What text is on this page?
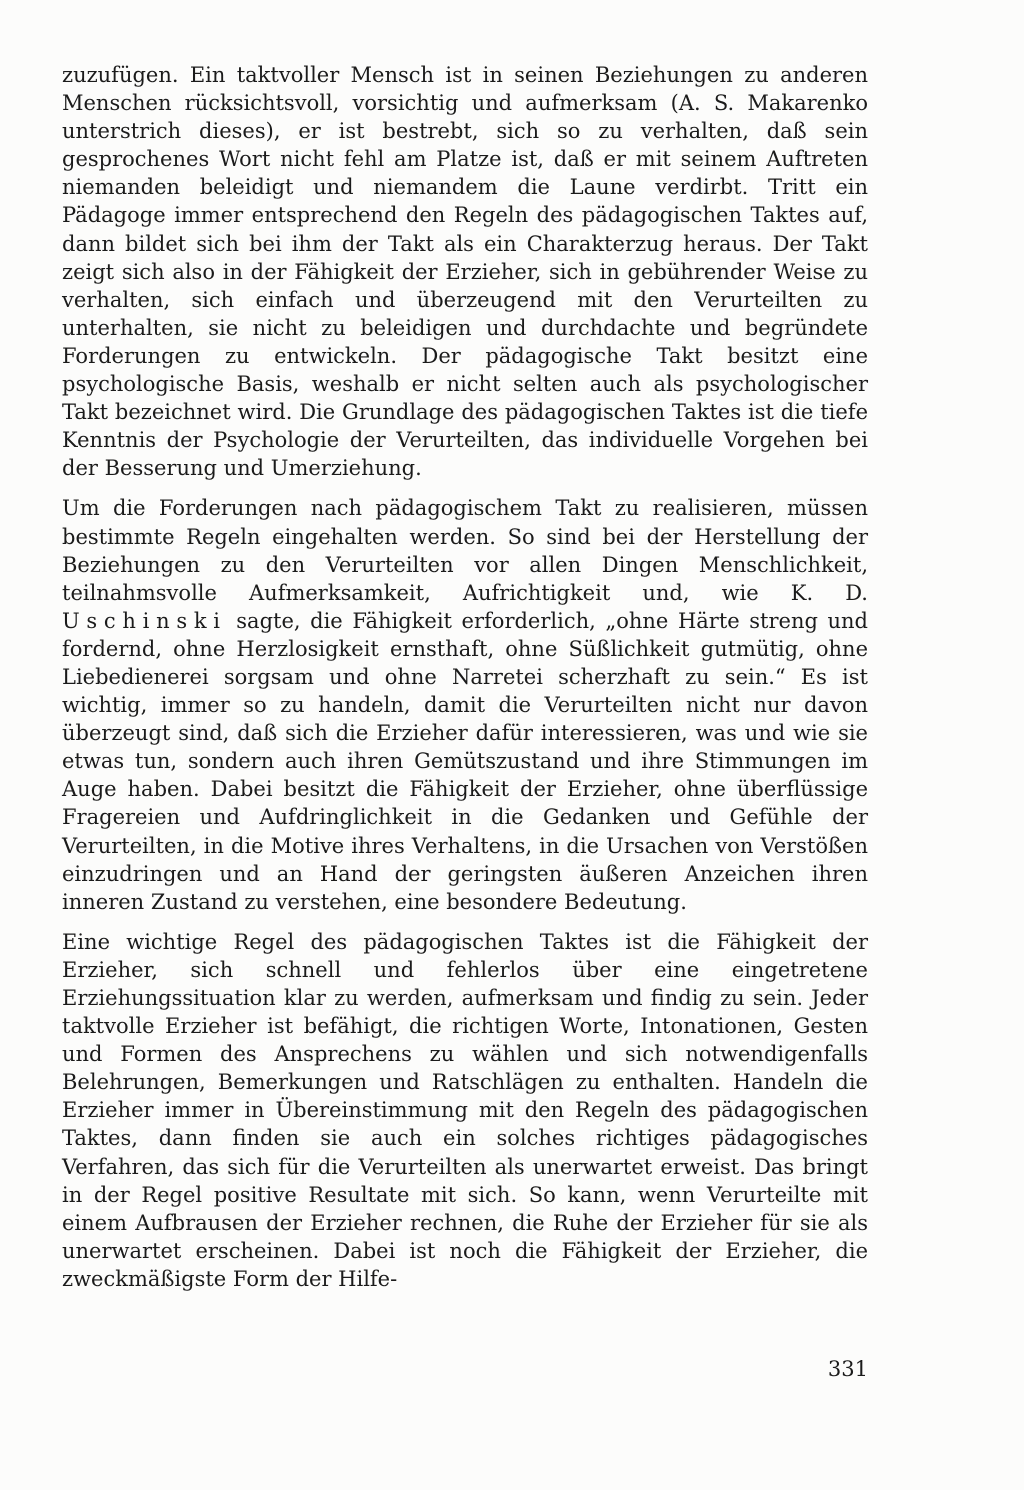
zuzufügen. Ein taktvoller Mensch ist in seinen Beziehungen zu anderen Menschen rücksichtsvoll, vorsichtig und aufmerksam (A. S. Makarenko unterstrich dieses), er ist bestrebt, sich so zu verhalten, daß sein gesprochenes Wort nicht fehl am Platze ist, daß er mit seinem Auftreten niemanden beleidigt und niemandem die Laune verdirbt. Tritt ein Pädagoge immer entsprechend den Regeln des pädagogischen Taktes auf, dann bildet sich bei ihm der Takt als ein Charakterzug heraus. Der Takt zeigt sich also in der Fähigkeit der Erzieher, sich in gebührender Weise zu verhalten, sich einfach und überzeugend mit den Verurteilten zu unterhalten, sie nicht zu beleidigen und durchdachte und begründete Forderungen zu entwickeln. Der pädagogische Takt besitzt eine psychologische Basis, weshalb er nicht selten auch als psychologischer Takt bezeichnet wird. Die Grundlage des pädagogischen Taktes ist die tiefe Kenntnis der Psychologie der Verurteilten, das individuelle Vorgehen bei der Besserung und Umerziehung.

Um die Forderungen nach pädagogischem Takt zu realisieren, müssen bestimmte Regeln eingehalten werden. So sind bei der Herstellung der Beziehungen zu den Verurteilten vor allen Dingen Menschlichkeit, teilnahmsvolle Aufmerksamkeit, Aufrichtigkeit und, wie K. D. Uschinski sagte, die Fähigkeit erforderlich, „ohne Härte streng und fordernd, ohne Herzlosigkeit ernsthaft, ohne Süßlichkeit gutmütig, ohne Liebedienerei sorgsam und ohne Narretei scherzhaft zu sein.“ Es ist wichtig, immer so zu handeln, damit die Verurteilten nicht nur davon überzeugt sind, daß sich die Erzieher dafür interessieren, was und wie sie etwas tun, sondern auch ihren Gemütszustand und ihre Stimmungen im Auge haben. Dabei besitzt die Fähigkeit der Erzieher, ohne überflüssige Fragereien und Aufdringlichkeit in die Gedanken und Gefühle der Verurteilten, in die Motive ihres Verhaltens, in die Ursachen von Verstößen einzudringen und an Hand der geringsten äußeren Anzeichen ihren inneren Zustand zu verstehen, eine besondere Bedeutung.

Eine wichtige Regel des pädagogischen Taktes ist die Fähigkeit der Erzieher, sich schnell und fehlerlos über eine eingetretene Erziehungssituation klar zu werden, aufmerksam und findig zu sein. Jeder taktvolle Erzieher ist befähigt, die richtigen Worte, Intonationen, Gesten und Formen des Ansprechens zu wählen und sich notwendigenfalls Belehrungen, Bemerkungen und Ratschlägen zu enthalten. Handeln die Erzieher immer in Übereinstimmung mit den Regeln des pädagogischen Taktes, dann finden sie auch ein solches richtiges pädagogisches Verfahren, das sich für die Verurteilten als unerwartet erweist. Das bringt in der Regel positive Resultate mit sich. So kann, wenn Verurteilte mit einem Aufbrausen der Erzieher rechnen, die Ruhe der Erzieher für sie als unerwartet erscheinen. Dabei ist noch die Fähigkeit der Erzieher, die zweckmäßigste Form der Hilfe-

331
